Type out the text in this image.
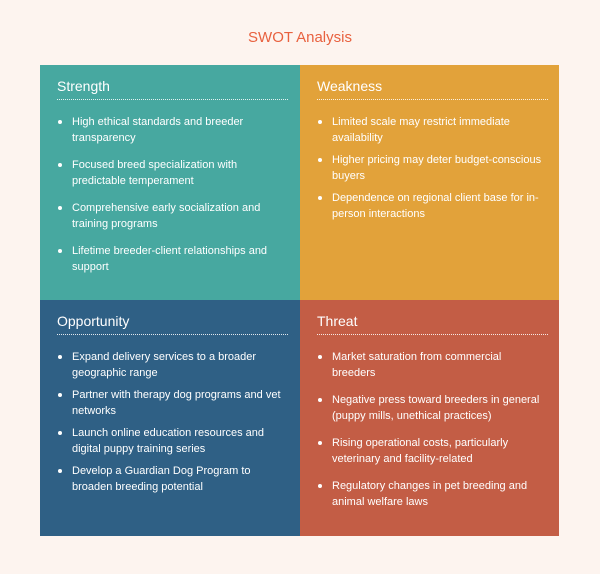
SWOT Analysis
Strength
High ethical standards and breeder transparency
Focused breed specialization with predictable temperament
Comprehensive early socialization and training programs
Lifetime breeder-client relationships and support
Weakness
Limited scale may restrict immediate availability
Higher pricing may deter budget-conscious buyers
Dependence on regional client base for in-person interactions
Opportunity
Expand delivery services to a broader geographic range
Partner with therapy dog programs and vet networks
Launch online education resources and digital puppy training series
Develop a Guardian Dog Program to broaden breeding potential
Threat
Market saturation from commercial breeders
Negative press toward breeders in general (puppy mills, unethical practices)
Rising operational costs, particularly veterinary and facility-related
Regulatory changes in pet breeding and animal welfare laws
